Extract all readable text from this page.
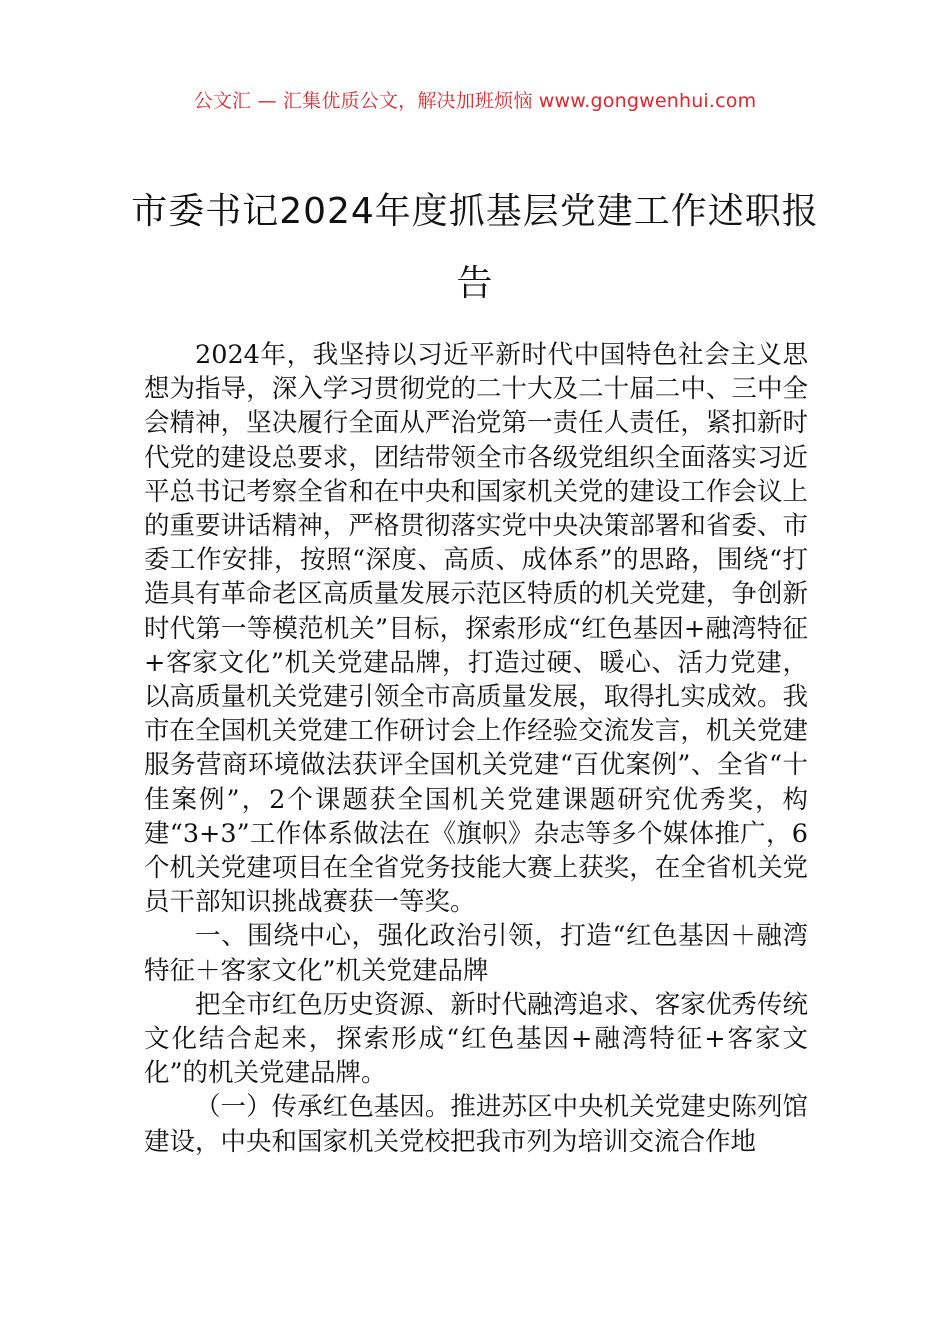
公文汇 — 汇集优质公文，解决加班烦恼 www.gongwenhui.com
市委书记2024年度抓基层党建工作述职报告

2024年，我坚持以习近平新时代中国特色社会主义思想为指导，深入学习贯彻党的二十大及二十届二中、三中全会精神，坚决履行全面从严治党第一责任人责任，紧扣新时代党的建设总要求，团结带领全市各级党组织全面落实习近平总书记考察全省和在中央和国家机关党的建设工作会议上的重要讲话精神，严格贯彻落实党中央决策部署和省委、市委工作安排，按照“深度、高质、成体系”的思路，围绕“打造具有革命老区高质量发展示范区特质的机关党建，争创新时代第一等模范机关”目标，探索形成“红色基因+融湾特征+客家文化”机关党建品牌，打造过硬、暖心、活力党建，以高质量机关党建引领全市高质量发展，取得扎实成效。我市在全国机关党建工作研讨会上作经验交流发言，机关党建服务营商环境做法获评全国机关党建“百优案例”、全省“十佳案例”，2个课题获全国机关党建课题研究优秀奖，构建“3+3”工作体系做法在《旗帜》杂志等多个媒体推广，6个机关党建项目在全省党务技能大赛上获奖，在全省机关党员干部知识挑战赛获一等奖。

一、围绕中心，强化政治引领，打造“红色基因＋融湾特征＋客家文化”机关党建品牌

把全市红色历史资源、新时代融湾追求、客家优秀传统文化结合起来，探索形成“红色基因+融湾特征+客家文化”的机关党建品牌。

（一）传承红色基因。推进苏区中央机关党建史陈列馆建设，中央和国家机关党校把我市列为培训交流合作地
